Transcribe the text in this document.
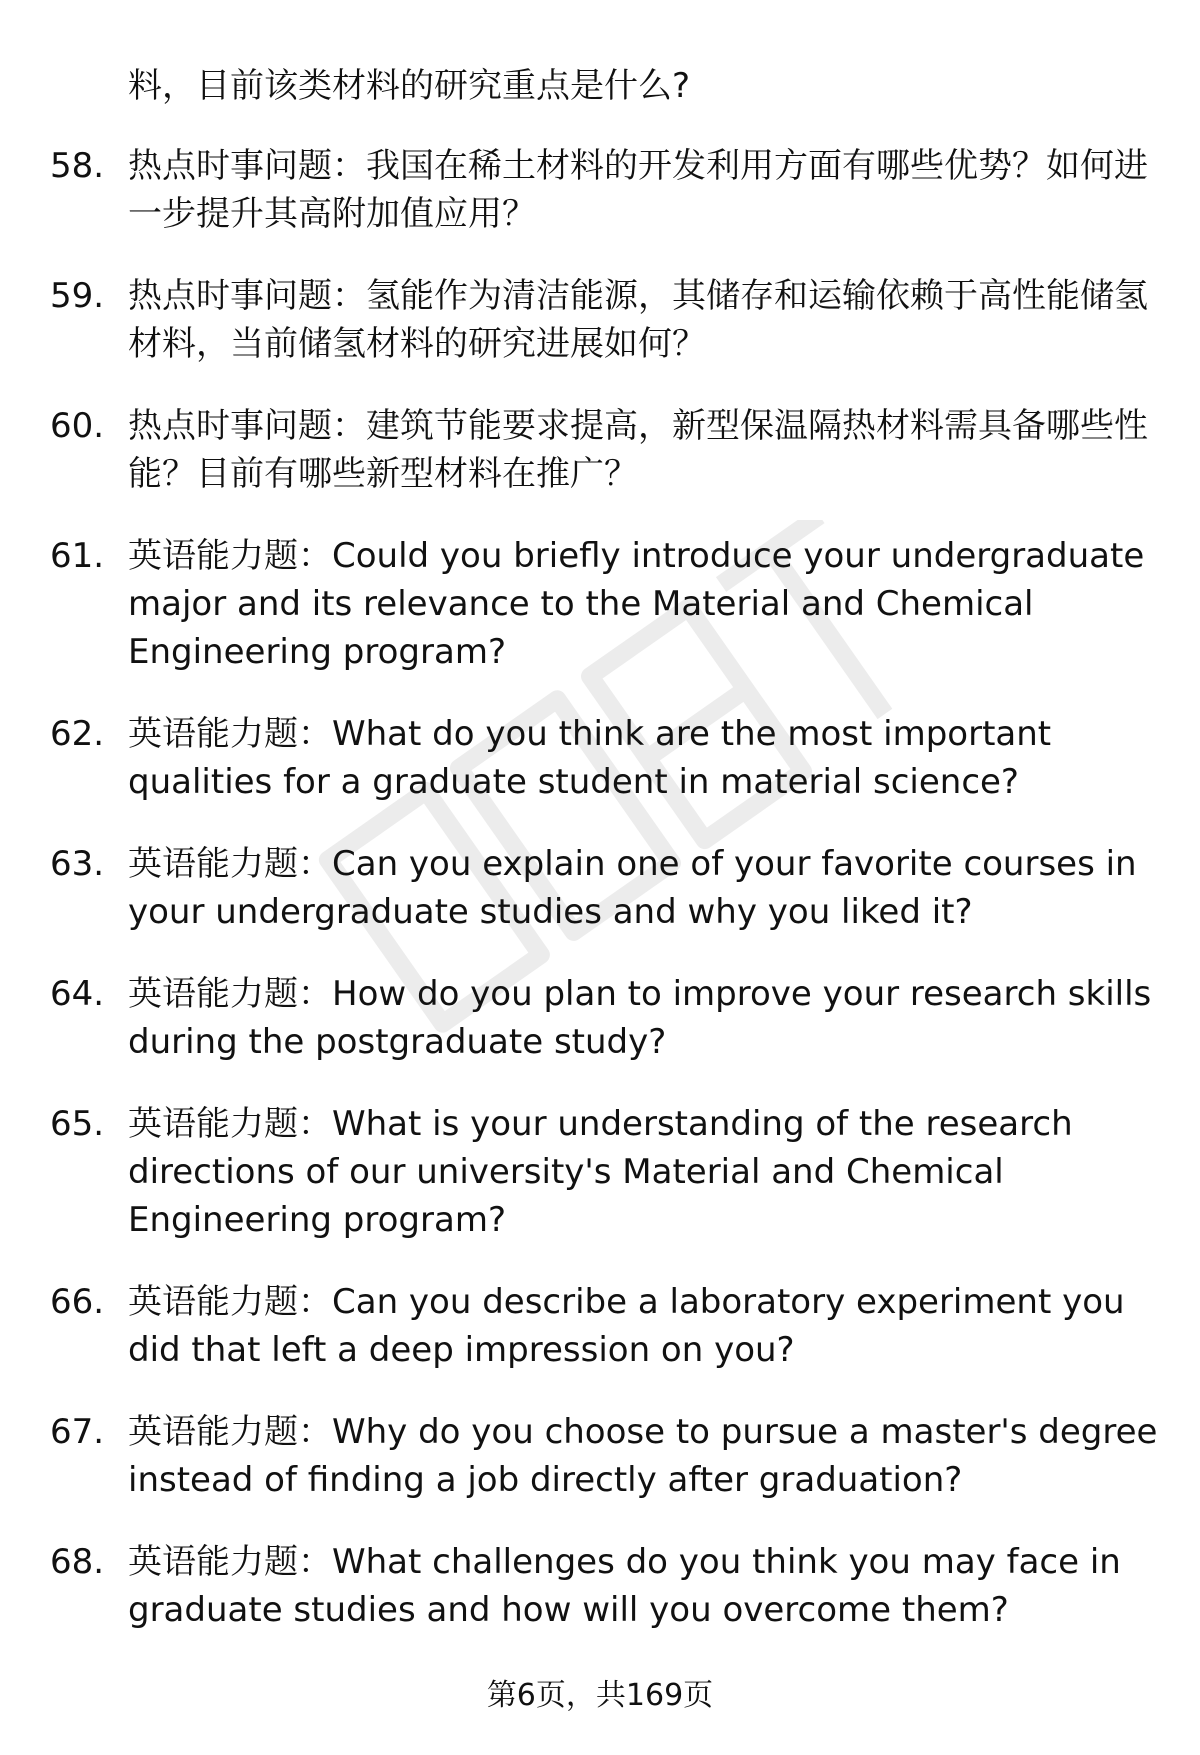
料，目前该类材料的研究重点是什么?
58. 热点时事问题：我国在稀土材料的开发利用方面有哪些优势？如何进一步提升其高附加值应用？
59. 热点时事问题：氢能作为清洁能源，其储存和运输依赖于高性能储氢材料，当前储氢材料的研究进展如何？
60. 热点时事问题：建筑节能要求提高，新型保温隔热材料需具备哪些性能？目前有哪些新型材料在推广？
61. 英语能力题：Could you briefly introduce your undergraduate major and its relevance to the Material and Chemical Engineering program?
62. 英语能力题：What do you think are the most important qualities for a graduate student in material science?
63. 英语能力题：Can you explain one of your favorite courses in your undergraduate studies and why you liked it?
64. 英语能力题：How do you plan to improve your research skills during the postgraduate study?
65. 英语能力题：What is your understanding of the research directions of our university's Material and Chemical Engineering program?
66. 英语能力题：Can you describe a laboratory experiment you did that left a deep impression on you?
67. 英语能力题：Why do you choose to pursue a master's degree instead of finding a job directly after graduation?
68. 英语能力题：What challenges do you think you may face in graduate studies and how will you overcome them?
第6页，共169页
